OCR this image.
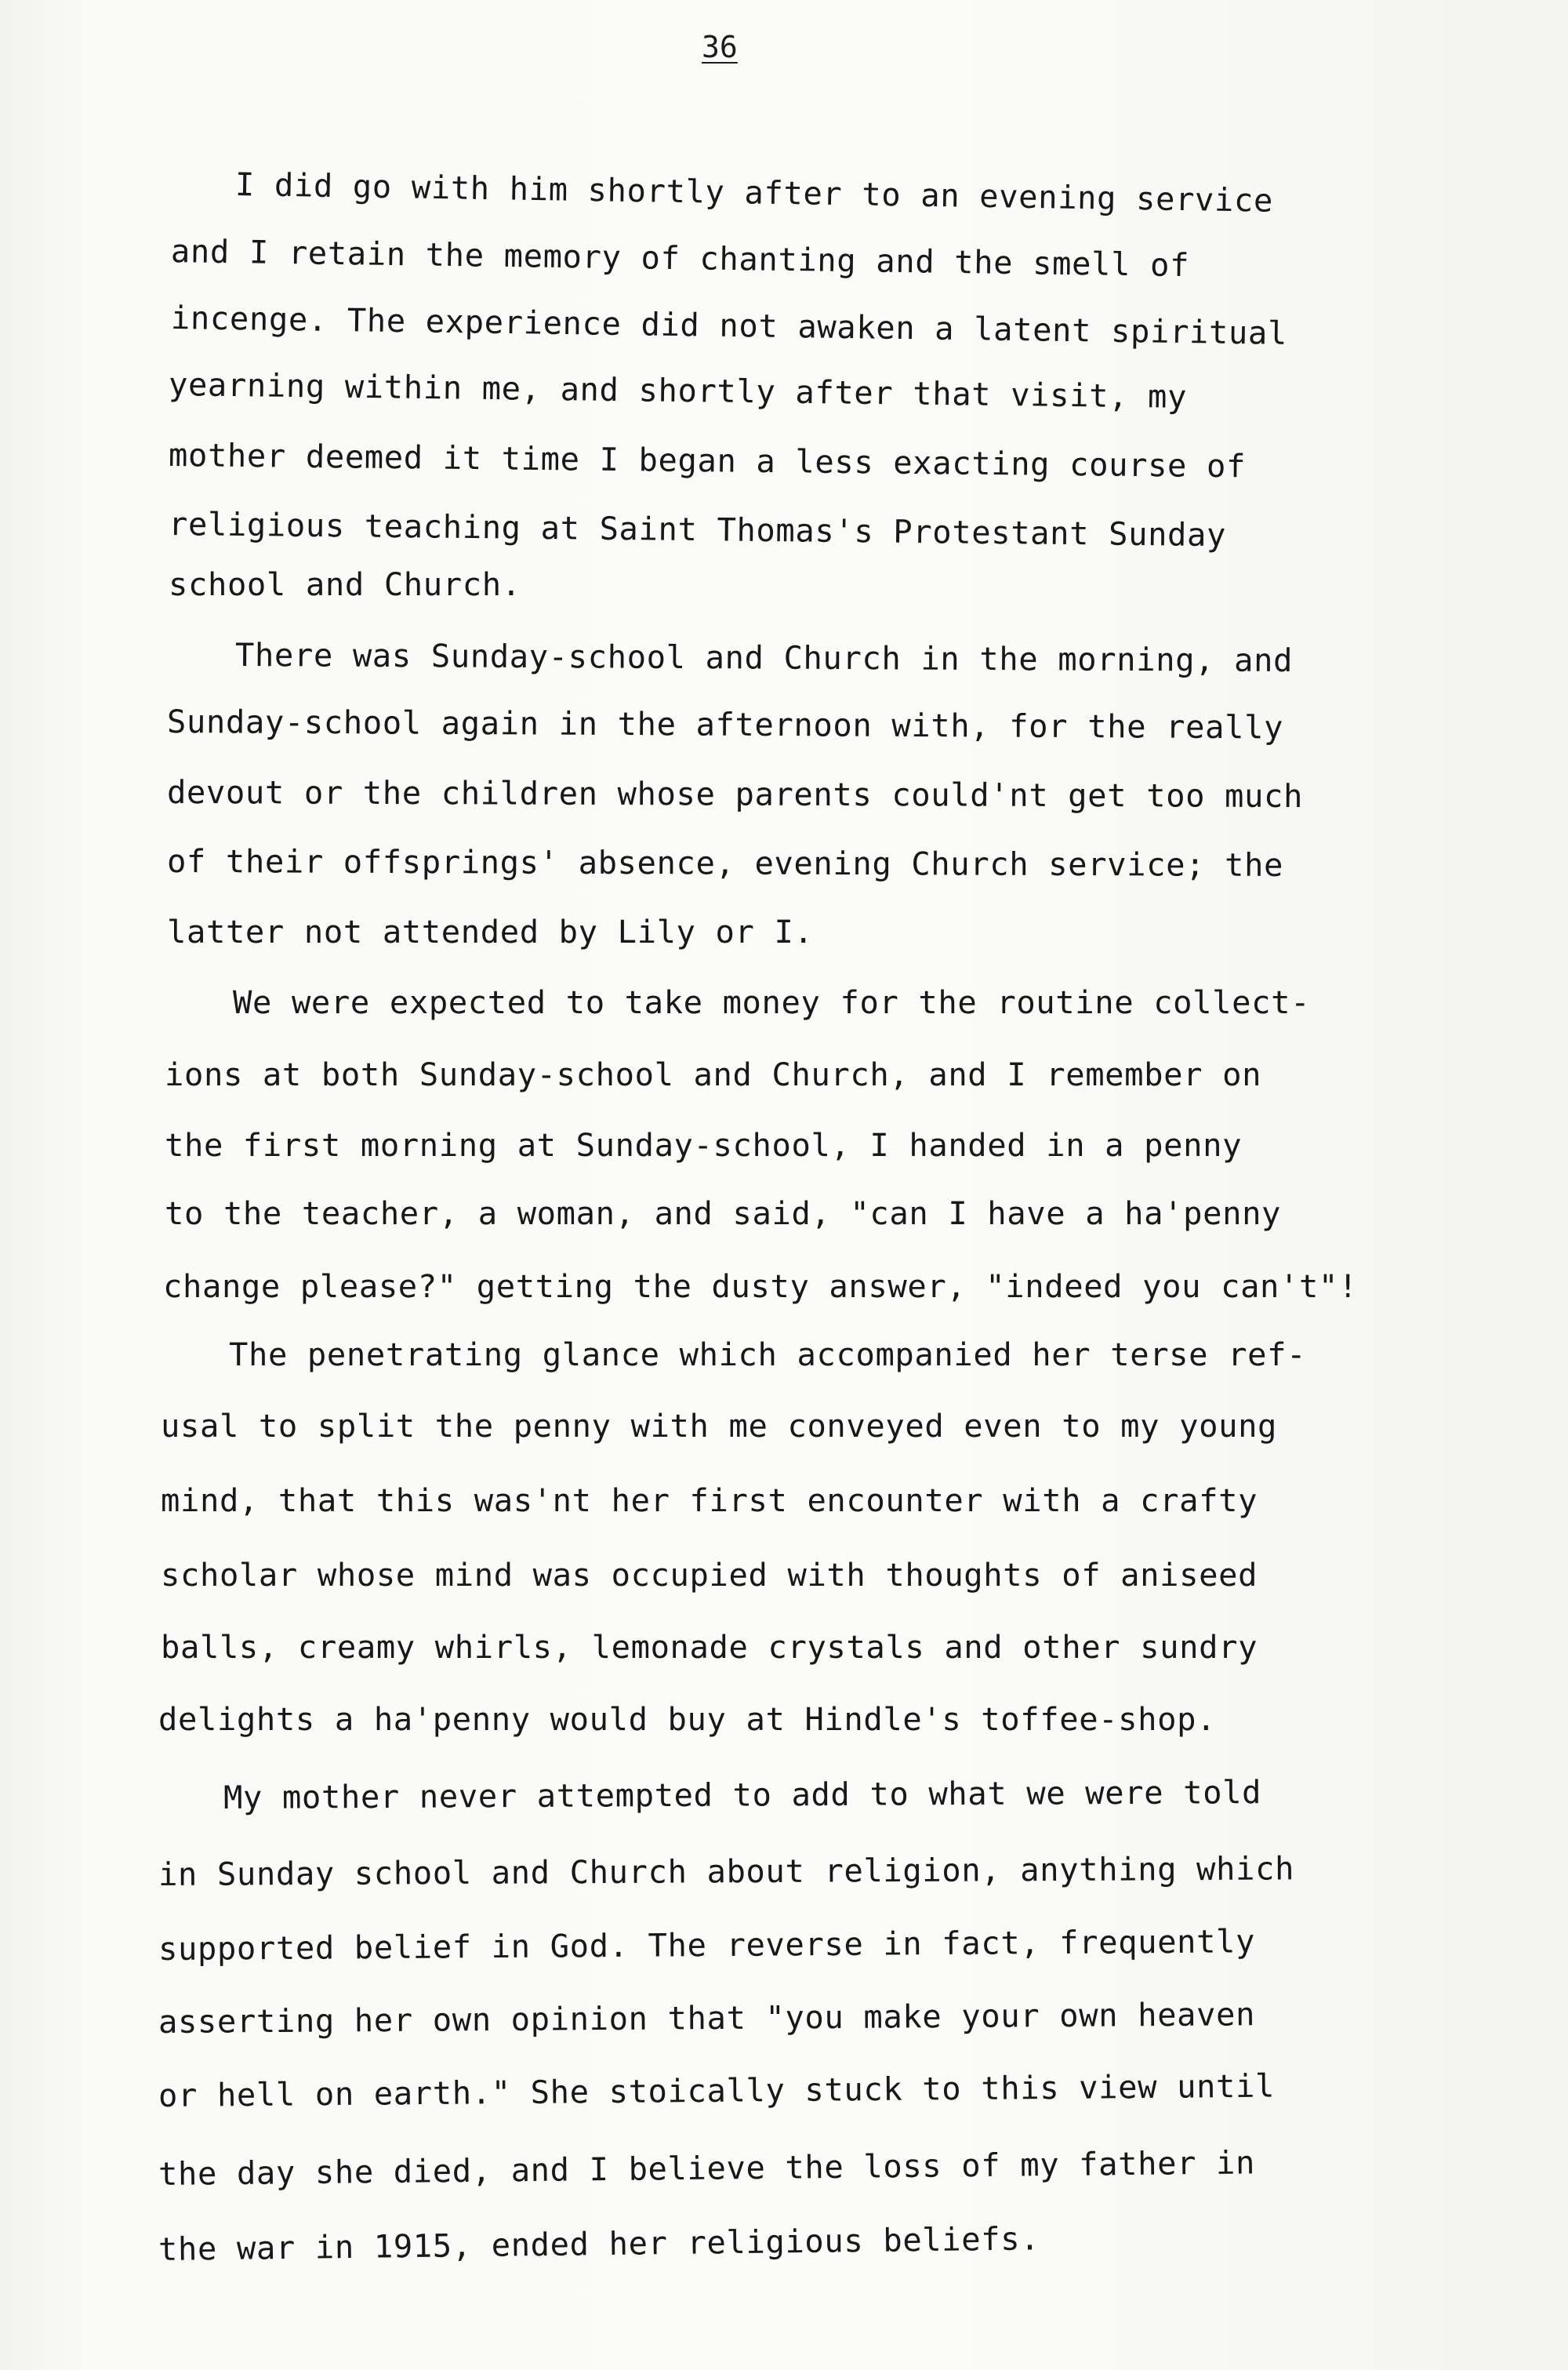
36

I did go with him shortly after to an evening service

and I retain the memory of chanting and the smell of

incenge. The experience did not awaken a latent spiritual

yearning within me, and shortly after that visit, my

mother deemed it time I began a less exacting course of

religious teaching at Saint Thomas's Protestant Sunday

school and Church.

There was Sunday-school and Church in the morning, and

Sunday-school again in the afternoon with, for the really

devout or the children whose parents could'nt get too much

of their offsprings' absence, evening Church service; the

latter not attended by Lily or I.

We were expected to take money for the routine collect-

ions at both Sunday-school and Church, and I remember on

the first morning at Sunday-school, I handed in a penny

to the teacher, a woman, and said, "can I have a ha'penny

change please?" getting the dusty answer, "indeed you can't"!

The penetrating glance which accompanied her terse ref-

usal to split the penny with me conveyed even to my young

mind, that this was'nt her first encounter with a crafty

scholar whose mind was occupied with thoughts of aniseed

balls, creamy whirls, lemonade crystals and other sundry

delights a ha'penny would buy at Hindle's toffee-shop.

My mother never attempted to add to what we were told

in Sunday school and Church about religion, anything which

supported belief in God. The reverse in fact, frequently

asserting her own opinion that "you make your own heaven

or hell on earth." She stoically stuck to this view until

the day she died, and I believe the loss of my father in

the war in 1915, ended her religious beliefs.
